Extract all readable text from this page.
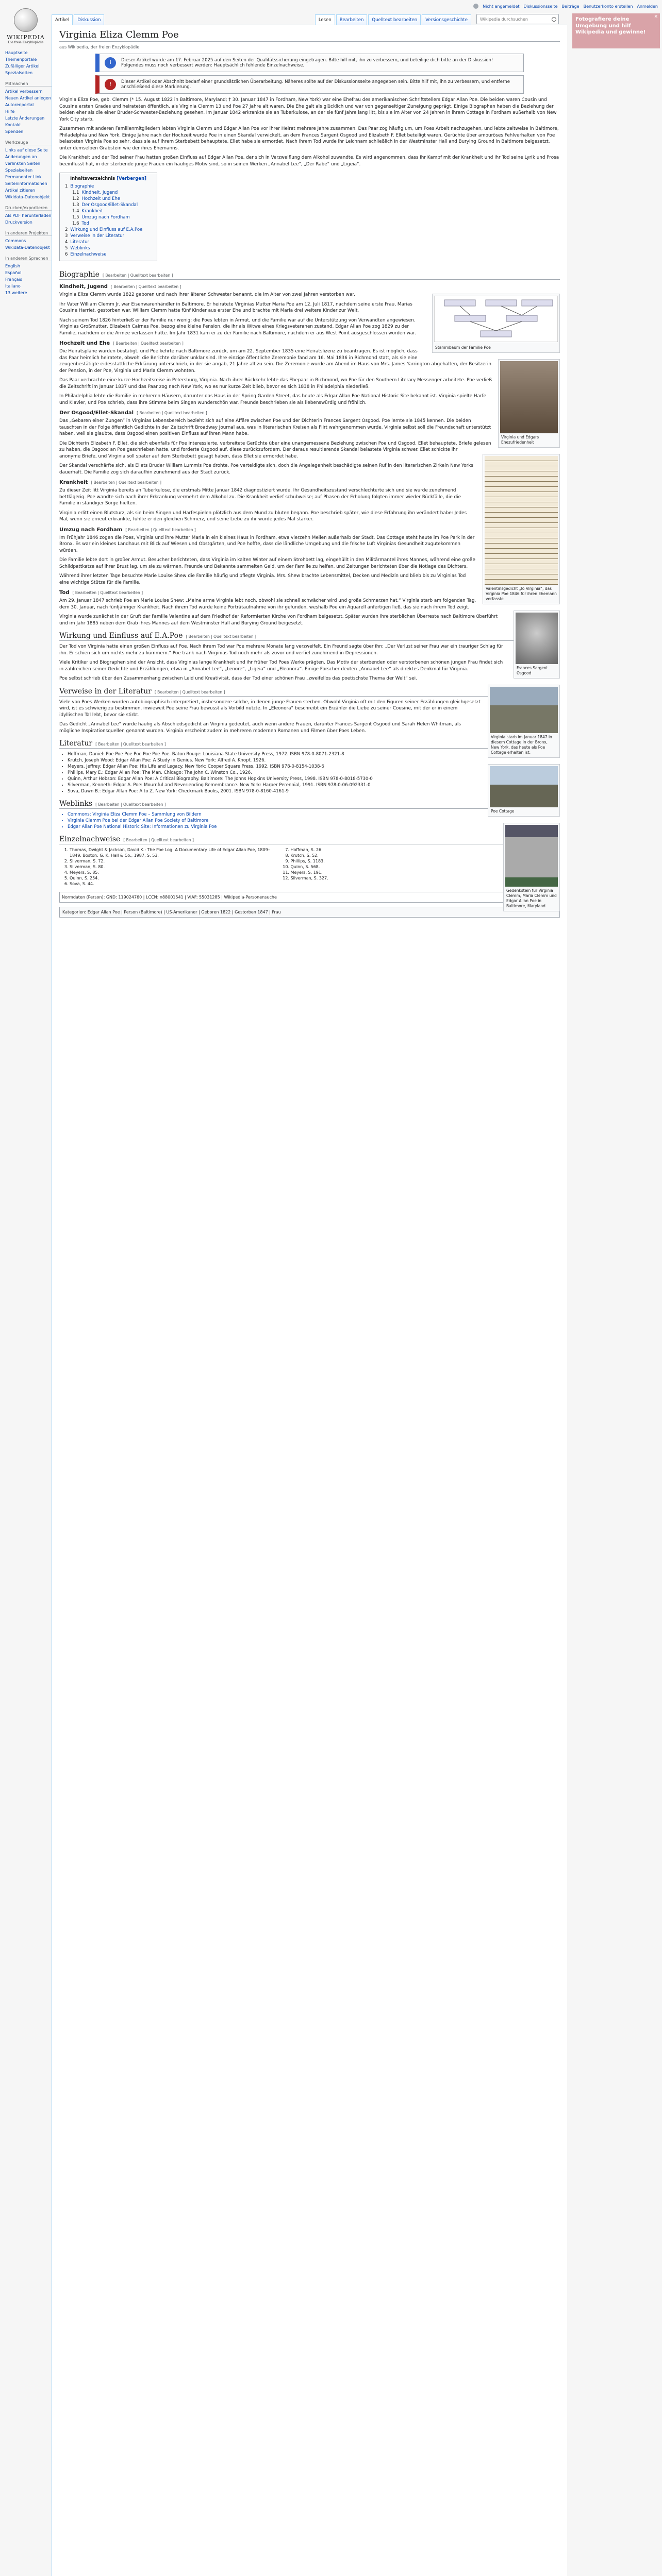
Nicht angemeldet Diskussionsseite Beiträge Benutzerkonto erstellen Anmelden
WIKIPEDIA
Die freie Enzyklopädie
Artikel	Diskussion	Lesen	Bearbeiten	Quelltext bearbeiten	Versionsgeschichte
Wikipedia durchsuchen
✕
Fotografiere deine Umgebung und hilf Wikipedia und gewinne!
Hauptseite
Themenportale
Zufälliger Artikel
Spezialseiten
Mitmachen
Artikel verbessern
Neuen Artikel anlegen
Autorenportal
Hilfe
Letzte Änderungen
Kontakt
Spenden
Werkzeuge
Links auf diese Seite
Änderungen an verlinkten Seiten
Spezialseiten
Permanenter Link
Seiteninformationen
Artikel zitieren
Wikidata-Datenobjekt
Drucken/​exportieren
Als PDF herunterladen
Druckversion
In anderen Projekten
Commons
Wikidata-Datenobjekt
In anderen Sprachen
English
Español
Français
Italiano
13 weitere
Virginia Eliza Clemm Poe
aus Wikipedia, der freien Enzyklopädie
i	Dieser Artikel wurde am 17. Februar 2025 auf den Seiten der Qualitätssicherung eingetragen. Bitte hilf mit, ihn zu verbessern, und beteilige dich bitte an der Diskussion!
Folgendes muss noch verbessert werden: Hauptsächlich fehlende Einzelnachweise.
!	Dieser Artikel oder Abschnitt bedarf einer grundsätzlichen Überarbeitung. Näheres sollte auf der Diskussionsseite angegeben sein. Bitte hilf mit, ihn zu verbessern, und entferne anschließend diese Markierung.

Virginia Eliza Poe, geb. Clemm (* 15. August 1822 in Baltimore, Maryland; † 30. Januar 1847 in Fordham, New York) war eine Ehefrau des amerikanischen Schriftstellers Edgar Allan Poe. Die beiden waren Cousin und Cousine ersten Grades und heirateten öffentlich, als Virginia Clemm 13 und Poe 27 Jahre alt waren. Die Ehe galt als glücklich und war von gegenseitiger Zuneigung geprägt. Einige Biographen haben die Beziehung der beiden eher als die einer Bruder-Schwester-Beziehung gesehen. Im Januar 1842 erkrankte sie an Tuberkulose, an der sie fünf Jahre lang litt, bis sie im Alter von 24 Jahren in ihrem Cottage in Fordham außerhalb von New York City starb.

Zusammen mit anderen Familienmitgliedern lebten Virginia Clemm und Edgar Allan Poe vor ihrer Heirat mehrere Jahre zusammen. Das Paar zog häufig um, um Poes Arbeit nachzugehen, und lebte zeitweise in Baltimore, Philadelphia und New York. Einige Jahre nach der Hochzeit wurde Poe in einen Skandal verwickelt, an dem Frances Sargent Osgood und Elizabeth F. Ellet beteiligt waren. Gerüchte über amouröses Fehlverhalten von Poe belasteten Virginia Poe so sehr, dass sie auf ihrem Sterbebett behauptete, Ellet habe sie ermordet. Nach ihrem Tod wurde ihr Leichnam schließlich in der Westminster Hall and Burying Ground in Baltimore beigesetzt, unter demselben Grabstein wie der ihres Ehemanns.

Die Krankheit und der Tod seiner Frau hatten großen Einfluss auf Edgar Allan Poe, der sich in Verzweiflung dem Alkohol zuwandte. Es wird angenommen, dass ihr Kampf mit der Krankheit und ihr Tod seine Lyrik und Prosa beeinflusst hat, in der sterbende junge Frauen ein häufiges Motiv sind, so in seinen Werken „Annabel Lee“, „Der Rabe“ und „Ligeia“.

Inhaltsverzeichnis [Verbergen]
1 Biographie
1.1 Kindheit, Jugend
1.2 Hochzeit und Ehe
1.3 Der Osgood/Ellet-Skandal
1.4 Krankheit
1.5 Umzug nach Fordham
1.6 Tod
2 Wirkung und Einfluss auf E.A.Poe
3 Verweise in der Literatur
4 Literatur
5 Weblinks
6 Einzelnachweise
Biographie [ Bearbeiten | Quelltext bearbeiten ]
Kindheit, Jugend [ Bearbeiten | Quelltext bearbeiten ]
Stammbaum der Familie Poe

Virginia Eliza Clemm wurde 1822 geboren und nach ihrer älteren Schwester benannt, die im Alter von zwei Jahren verstorben war.

Ihr Vater William Clemm Jr. war Eisenwarenhändler in Baltimore. Er heiratete Virginias Mutter Maria Poe am 12. Juli 1817, nachdem seine erste Frau, Marias Cousine Harriet, gestorben war. William Clemm hatte fünf Kinder aus erster Ehe und brachte mit Maria drei weitere Kinder zur Welt.

Nach seinem Tod 1826 hinterließ er der Familie nur wenig; die Poes lebten in Armut, und die Familie war auf die Unterstützung von Verwandten angewiesen. Virginias Großmutter, Elizabeth Cairnes Poe, bezog eine kleine Pension, die ihr als Witwe eines Kriegsveteranen zustand. Edgar Allan Poe zog 1829 zu der Familie, nachdem er die Armee verlassen hatte. Im Jahr 1831 kam er zu der Familie nach Baltimore, nachdem er aus West Point ausgeschlossen worden war.

Hochzeit und Ehe [ Bearbeiten | Quelltext bearbeiten ]
Virginia und Edgars Ehezufriedenheit

Die Heiratspläne wurden bestätigt, und Poe kehrte nach Baltimore zurück, um am 22. September 1835 eine Heiratslizenz zu beantragen. Es ist möglich, dass das Paar heimlich heiratete, obwohl die Berichte darüber unklar sind. Ihre einzige öffentliche Zeremonie fand am 16. Mai 1836 in Richmond statt, als sie eine zeugenbestätigte eidesstattliche Erklärung unterschrieb, in der sie angab, 21 Jahre alt zu sein. Die Zeremonie wurde am Abend im Haus von Mrs. James Yarrington abgehalten, der Besitzerin der Pension, in der Poe, Virginia und Maria Clemm wohnten.

Das Paar verbrachte eine kurze Hochzeitsreise in Petersburg, Virginia. Nach ihrer Rückkehr lebte das Ehepaar in Richmond, wo Poe für den Southern Literary Messenger arbeitete. Poe verließ die Zeitschrift im Januar 1837 und das Paar zog nach New York, wo es nur kurze Zeit blieb, bevor es sich 1838 in Philadelphia niederließ.

In Philadelphia lebte die Familie in mehreren Häusern, darunter das Haus in der Spring Garden Street, das heute als Edgar Allan Poe National Historic Site bekannt ist. Virginia spielte Harfe und Klavier, und Poe schrieb, dass ihre Stimme beim Singen wunderschön war. Freunde beschrieben sie als liebenswürdig und fröhlich.

Der Osgood/Ellet-Skandal [ Bearbeiten | Quelltext bearbeiten ]
Valentinsgedicht „To Virginia“, das Virginia Poe 1846 für ihren Ehemann verfasste

Das „Gebaren einer Zungen“ in Virginias Lebensbereich bezieht sich auf eine Affäre zwischen Poe und der Dichterin Frances Sargent Osgood. Poe lernte sie 1845 kennen. Die beiden tauschten in der Folge öffentlich Gedichte in der Zeitschrift Broadway Journal aus, was in literarischen Kreisen als Flirt wahrgenommen wurde. Virginia selbst soll die Freundschaft unterstützt haben, weil sie glaubte, dass Osgood einen positiven Einfluss auf ihren Mann habe.

Die Dichterin Elizabeth F. Ellet, die sich ebenfalls für Poe interessierte, verbreitete Gerüchte über eine unangemessene Beziehung zwischen Poe und Osgood. Ellet behauptete, Briefe gelesen zu haben, die Osgood an Poe geschrieben hatte, und forderte Osgood auf, diese zurückzufordern. Der daraus resultierende Skandal belastete Virginia schwer. Ellet schickte ihr anonyme Briefe, und Virginia soll später auf dem Sterbebett gesagt haben, dass Ellet sie ermordet habe.

Der Skandal verschärfte sich, als Ellets Bruder William Lummis Poe drohte. Poe verteidigte sich, doch die Angelegenheit beschädigte seinen Ruf in den literarischen Zirkeln New Yorks dauerhaft. Die Familie zog sich daraufhin zunehmend aus der Stadt zurück.

Frances Sargent Osgood
Krankheit [ Bearbeiten | Quelltext bearbeiten ]

Zu dieser Zeit litt Virginia bereits an Tuberkulose, die erstmals Mitte Januar 1842 diagnostiziert wurde. Ihr Gesundheitszustand verschlechterte sich und sie wurde zunehmend bettlägerig. Poe wandte sich nach ihrer Erkrankung vermehrt dem Alkohol zu. Die Krankheit verlief schubweise; auf Phasen der Erholung folgten immer wieder Rückfälle, die die Familie in ständiger Sorge hielten.

Virginia erlitt einen Blutsturz, als sie beim Singen und Harfespielen plötzlich aus dem Mund zu bluten begann. Poe beschrieb später, wie diese Erfahrung ihn verändert habe: Jedes Mal, wenn sie erneut erkrankte, fühlte er den gleichen Schmerz, und seine Liebe zu ihr wurde jedes Mal stärker.

Umzug nach Fordham [ Bearbeiten | Quelltext bearbeiten ]
Virginia starb im Januar 1847 in diesem Cottage in der Bronx, New York, das heute als Poe Cottage erhalten ist.

Im Frühjahr 1846 zogen die Poes, Virginia und ihre Mutter Maria in ein kleines Haus in Fordham, etwa vierzehn Meilen außerhalb der Stadt. Das Cottage steht heute im Poe Park in der Bronx. Es war ein kleines Landhaus mit Blick auf Wiesen und Obstgärten, und Poe hoffte, dass die ländliche Umgebung und die frische Luft Virginias Gesundheit zugutekommen würden.

Die Familie lebte dort in großer Armut. Besucher berichteten, dass Virginia im kalten Winter auf einem Strohbett lag, eingehüllt in den Militärmantel ihres Mannes, während eine große Schildpattkatze auf ihrer Brust lag, um sie zu wärmen. Freunde und Bekannte sammelten Geld, um der Familie zu helfen, und Zeitungen berichteten über die Notlage des Dichters.

Während ihrer letzten Tage besuchte Marie Louise Shew die Familie häufig und pflegte Virginia. Mrs. Shew brachte Lebensmittel, Decken und Medizin und blieb bis zu Virginias Tod eine wichtige Stütze für die Familie.

Poe Cottage
Tod [ Bearbeiten | Quelltext bearbeiten ]

Am 29. Januar 1847 schrieb Poe an Marie Louise Shew: „Meine arme Virginia lebt noch, obwohl sie schnell schwächer wird und große Schmerzen hat.“ Virginia starb am folgenden Tag, dem 30. Januar, nach fünfjähriger Krankheit. Nach ihrem Tod wurde keine Porträtaufnahme von ihr gefunden, weshalb Poe ein Aquarell anfertigen ließ, das sie nach ihrem Tod zeigt.

Virginia wurde zunächst in der Gruft der Familie Valentine auf dem Friedhof der Reformierten Kirche von Fordham beigesetzt. Später wurden ihre sterblichen Überreste nach Baltimore überführt und im Jahr 1885 neben dem Grab ihres Mannes auf dem Westminster Hall and Burying Ground beigesetzt.

Gedenkstein für Virginia Clemm, Maria Clemm und Edgar Allan Poe in Baltimore, Maryland
Wirkung und Einfluss auf E.A.Poe [ Bearbeiten | Quelltext bearbeiten ]

Der Tod von Virginia hatte einen großen Einfluss auf Poe. Nach ihrem Tod war Poe mehrere Monate lang verzweifelt. Ein Freund sagte über ihn: „Der Verlust seiner Frau war ein trauriger Schlag für ihn. Er schien sich um nichts mehr zu kümmern.“ Poe trank nach Virginias Tod noch mehr als zuvor und verfiel zunehmend in Depressionen.

Viele Kritiker und Biographen sind der Ansicht, dass Virginias lange Krankheit und ihr früher Tod Poes Werke prägten. Das Motiv der sterbenden oder verstorbenen schönen jungen Frau findet sich in zahlreichen seiner Gedichte und Erzählungen, etwa in „Annabel Lee“, „Lenore“, „Ligeia“ und „Eleonora“. Einige Forscher deuten „Annabel Lee“ als direktes Denkmal für Virginia.

Poe selbst schrieb über den Zusammenhang zwischen Leid und Kreativität, dass der Tod einer schönen Frau „zweifellos das poetischste Thema der Welt“ sei.

Verweise in der Literatur [ Bearbeiten | Quelltext bearbeiten ]

Viele von Poes Werken wurden autobiographisch interpretiert, insbesondere solche, in denen junge Frauen sterben. Obwohl Virginia oft mit den Figuren seiner Erzählungen gleichgesetzt wird, ist es schwierig zu bestimmen, inwieweit Poe seine Frau bewusst als Vorbild nutzte. In „Eleonora“ beschreibt ein Erzähler die Liebe zu seiner Cousine, mit der er in einem idyllischen Tal lebt, bevor sie stirbt.

Das Gedicht „Annabel Lee“ wurde häufig als Abschiedsgedicht an Virginia gedeutet, auch wenn andere Frauen, darunter Frances Sargent Osgood und Sarah Helen Whitman, als mögliche Inspirationsquellen genannt wurden. Virginia erscheint zudem in mehreren modernen Romanen und Filmen über Poes Leben.

Literatur [ Bearbeiten | Quelltext bearbeiten ]
• Hoffman, Daniel: Poe Poe Poe Poe Poe Poe Poe. Baton Rouge: Louisiana State University Press, 1972. ISBN 978-0-8071-2321-8
• Krutch, Joseph Wood: Edgar Allan Poe: A Study in Genius. New York: Alfred A. Knopf, 1926.
• Meyers, Jeffrey: Edgar Allan Poe: His Life and Legacy. New York: Cooper Square Press, 1992. ISBN 978-0-8154-1038-6
• Phillips, Mary E.: Edgar Allan Poe: The Man. Chicago: The John C. Winston Co., 1926.
• Quinn, Arthur Hobson: Edgar Allan Poe: A Critical Biography. Baltimore: The Johns Hopkins University Press, 1998. ISBN 978-0-8018-5730-0
• Silverman, Kenneth: Edgar A. Poe: Mournful and Never-ending Remembrance. New York: Harper Perennial, 1991. ISBN 978-0-06-092331-0
• Sova, Dawn B.: Edgar Allan Poe: A to Z. New York: Checkmark Books, 2001. ISBN 978-0-8160-4161-9
Weblinks [ Bearbeiten | Quelltext bearbeiten ]
• Commons: Virginia Eliza Clemm Poe – Sammlung von Bildern
• Virginia Clemm Poe bei der Edgar Allan Poe Society of Baltimore
• Edgar Allan Poe National Historic Site: Informationen zu Virginia Poe
Einzelnachweise [ Bearbeiten | Quelltext bearbeiten ]
1. Thomas, Dwight & Jackson, David K.: The Poe Log: A Documentary Life of Edgar Allan Poe, 1809–1849. Boston: G. K. Hall & Co., 1987, S. 53.
2. Silverman, S. 72.
3. Silverman, S. 80.
4. Meyers, S. 85.
5. Quinn, S. 254.
6. Sova, S. 44.
7. Hoffman, S. 26.
8. Krutch, S. 52.
9. Phillips, S. 1183.
10. Quinn, S. 568.
11. Meyers, S. 191.
12. Silverman, S. 327.
Normdaten (Person): GND: 119024760 | LCCN: n88001541 | VIAF: 55031285 | Wikipedia-Personensuche
Kategorien: Edgar Allan Poe | Person (Baltimore) | US-Amerikaner | Geboren 1822 | Gestorben 1847 | Frau
